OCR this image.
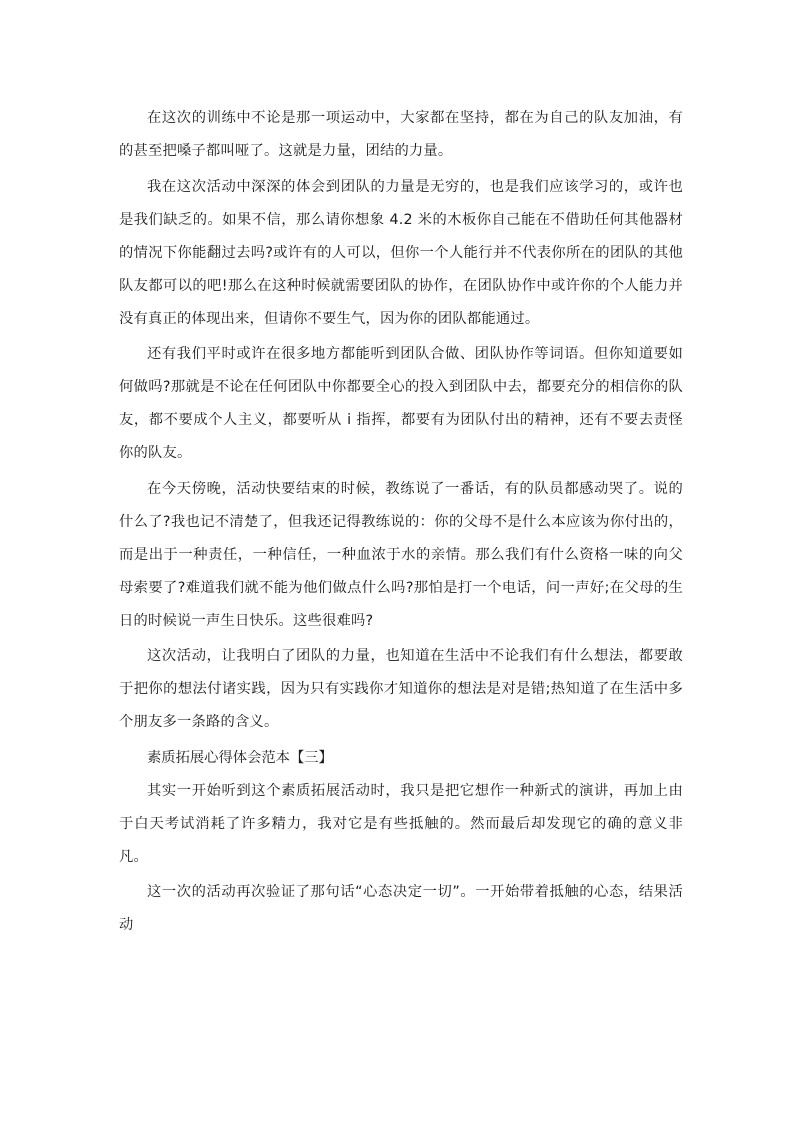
在这次的训练中不论是那一项运动中，大家都在坚持，都在为自己的队友加油，有的甚至把嗓子都叫哑了。这就是力量，团结的力量。

我在这次活动中深深的体会到团队的力量是无穷的，也是我们应该学习的，或许也是我们缺乏的。如果不信，那么请你想象 4.2 米的木板你自己能在不借助任何其他器材的情况下你能翻过去吗?或许有的人可以，但你一个人能行并不代表你所在的团队的其他队友都可以的吧!那么在这种时候就需要团队的协作，在团队协作中或许你的个人能力并没有真正的体现出来，但请你不要生气，因为你的团队都能通过。

还有我们平时或许在很多地方都能听到团队合做、团队协作等词语。但你知道要如何做吗?那就是不论在任何团队中你都要全心的投入到团队中去，都要充分的相信你的队友，都不要成个人主义，都要听从 i 指挥，都要有为团队付出的精神，还有不要去责怪你的队友。

在今天傍晚，活动快要结束的时候，教练说了一番话，有的队员都感动哭了。说的什么了?我也记不清楚了，但我还记得教练说的：你的父母不是什么本应该为你付出的，而是出于一种责任，一种信任，一种血浓于水的亲情。那么我们有什么资格一味的向父母索要了?难道我们就不能为他们做点什么吗?那怕是打一个电话，问一声好;在父母的生日的时候说一声生日快乐。这些很难吗?

这次活动，让我明白了团队的力量，也知道在生活中不论我们有什么想法，都要敢于把你的想法付诸实践，因为只有实践你才知道你的想法是对是错;热知道了在生活中多个朋友多一条路的含义。

素质拓展心得体会范本【三】

其实一开始听到这个素质拓展活动时，我只是把它想作一种新式的演讲，再加上由于白天考试消耗了许多精力，我对它是有些抵触的。然而最后却发现它的确的意义非凡。

这一次的活动再次验证了那句话“心态决定一切”。一开始带着抵触的心态，结果活动
